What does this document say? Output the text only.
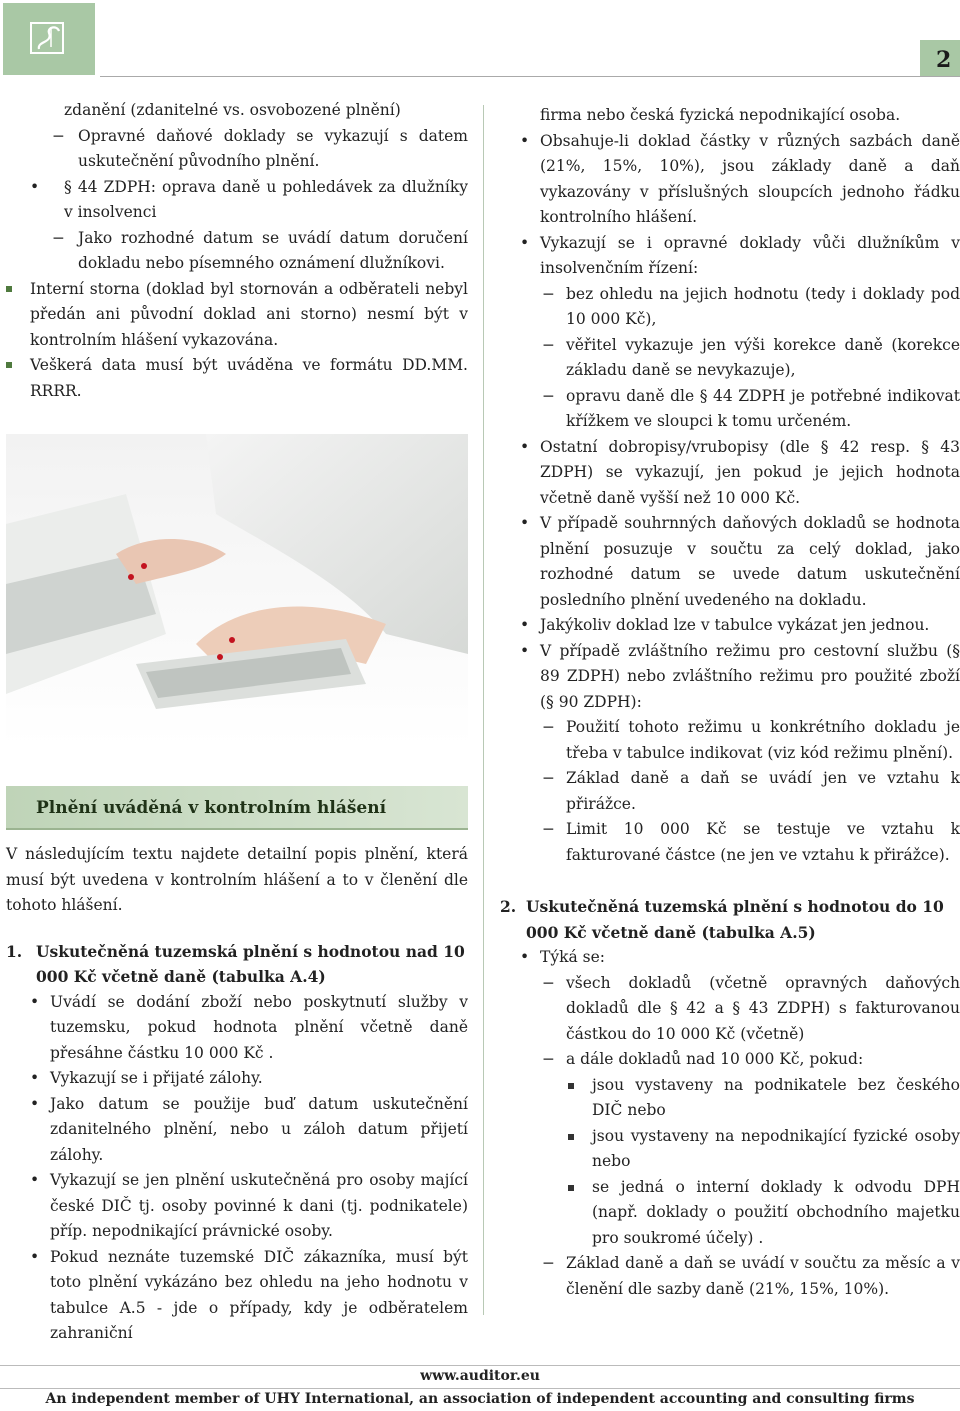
2

zdanění (zdanitelné vs. osvobozené plnění)

− Opravné daňové doklady se vykazují s datem uskutečnění původního plnění.
• § 44 ZDPH: oprava daně u pohledávek za dlužníky v insolvenci
− Jako rozhodné datum se uvádí datum doručení dokladu nebo písemného oznámení dlužníkovi.
Interní storna (doklad byl stornován a odběrateli nebyl předán ani původní doklad ani storno) nesmí být v kontrolním hlášení vykazována.
Veškerá data musí být uváděna ve formátu DD.MM. RRRR.
Plnění uváděná v kontrolním hlášení

V následujícím textu najdete detailní popis plnění, která musí být uvedena v kontrolním hlášení a to v členění dle tohoto hlášení.

1. Uskutečněná tuzemská plnění s hodnotou nad 10 000 Kč včetně daně (tabulka A.4)
• Uvádí se dodání zboží nebo poskytnutí služby v tuzemsku, pokud hodnota plnění včetně daně přesáhne částku 10 000 Kč .
• Vykazují se i přijaté zálohy.
• Jako datum se použije buď datum uskutečnění zdanitelného plnění, nebo u záloh datum přijetí zálohy.
• Vykazují se jen plnění uskutečněná pro osoby mající české DIČ tj. osoby povinné k dani (tj. podnikatele) příp. nepodnikající právnické osoby.
• Pokud neznáte tuzemské DIČ zákazníka, musí být toto plnění vykázáno bez ohledu na jeho hodnotu v tabulce A.5 - jde o případy, kdy je odběratelem zahraniční

firma nebo česká fyzická nepodnikající osoba.

• Obsahuje-li doklad částky v různých sazbách daně (21%, 15%, 10%), jsou základy daně a daň vykazovány v příslušných sloupcích jednoho řádku kontrolního hlášení.
• Vykazují se i opravné doklady vůči dlužníkům v insolvenčním řízení:
− bez ohledu na jejich hodnotu (tedy i doklady pod 10 000 Kč),
− věřitel vykazuje jen výši korekce daně (korekce základu daně se nevykazuje),
− opravu daně dle § 44 ZDPH je potřebné indikovat křížkem ve sloupci k tomu určeném.
• Ostatní dobropisy/vrubopisy (dle § 42 resp. § 43 ZDPH) se vykazují, jen pokud je jejich hodnota včetně daně vyšší než 10 000 Kč.
• V případě souhrnných daňových dokladů se hodnota plnění posuzuje v součtu za celý doklad, jako rozhodné datum se uvede datum uskutečnění posledního plnění uvedeného na dokladu.
• Jakýkoliv doklad lze v tabulce vykázat jen jednou.
• V případě zvláštního režimu pro cestovní službu (§ 89 ZDPH) nebo zvláštního režimu pro použité zboží (§ 90 ZDPH):
− Použití tohoto režimu u konkrétního dokladu je třeba v tabulce indikovat (viz kód režimu plnění).
− Základ daně a daň se uvádí jen ve vztahu k přirážce.
− Limit 10 000 Kč se testuje ve vztahu k fakturované částce (ne jen ve vztahu k přirážce).
2. Uskutečněná tuzemská plnění s hodnotou do 10 000 Kč včetně daně (tabulka A.5)
• Týká se:
− všech dokladů (včetně opravných daňových dokladů dle § 42 a § 43 ZDPH) s fakturovanou částkou do 10 000 Kč (včetně)
− a dále dokladů nad 10 000 Kč, pokud:
jsou vystaveny na podnikatele bez českého DIČ nebo
jsou vystaveny na nepodnikající fyzické osoby nebo
se jedná o interní doklady k odvodu DPH (např. doklady o použití obchodního majetku pro soukromé účely) .
− Základ daně a daň se uvádí v součtu za měsíc a v členění dle sazby daně (21%, 15%, 10%).
www.auditor.eu
An independent member of UHY International, an association of independent accounting and consulting firms
